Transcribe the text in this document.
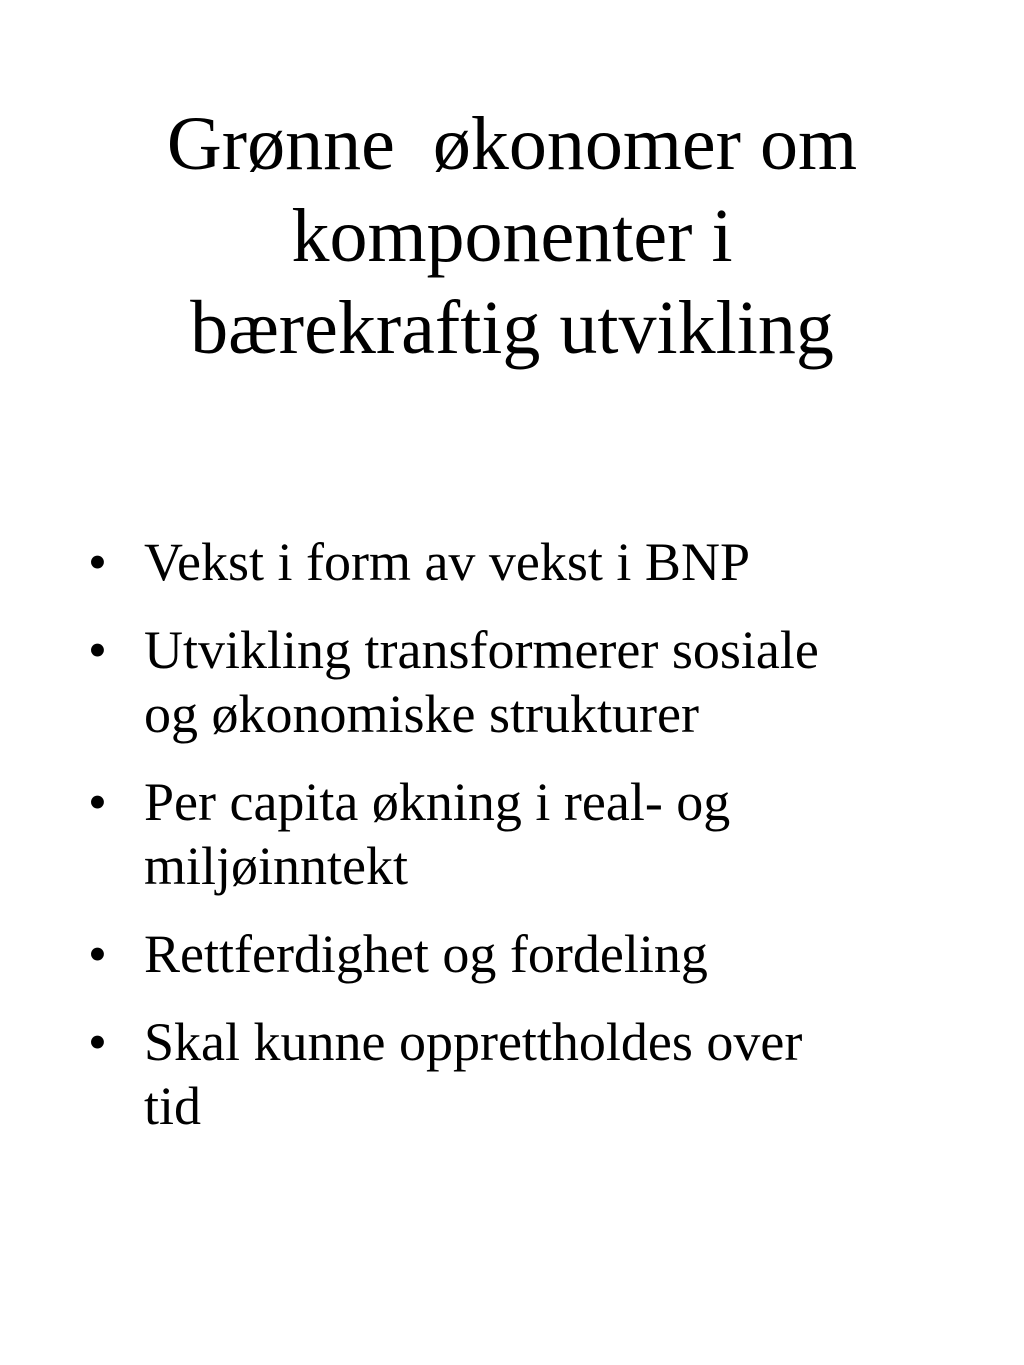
Grønne  økonomer om
komponenter i
bærekraftig utvikling
• Vekst i form av vekst i BNP
• Utvikling transformerer sosiale
og økonomiske strukturer
• Per capita økning i real- og
miljøinntekt
• Rettferdighet og fordeling
• Skal kunne opprettholdes over
tid
